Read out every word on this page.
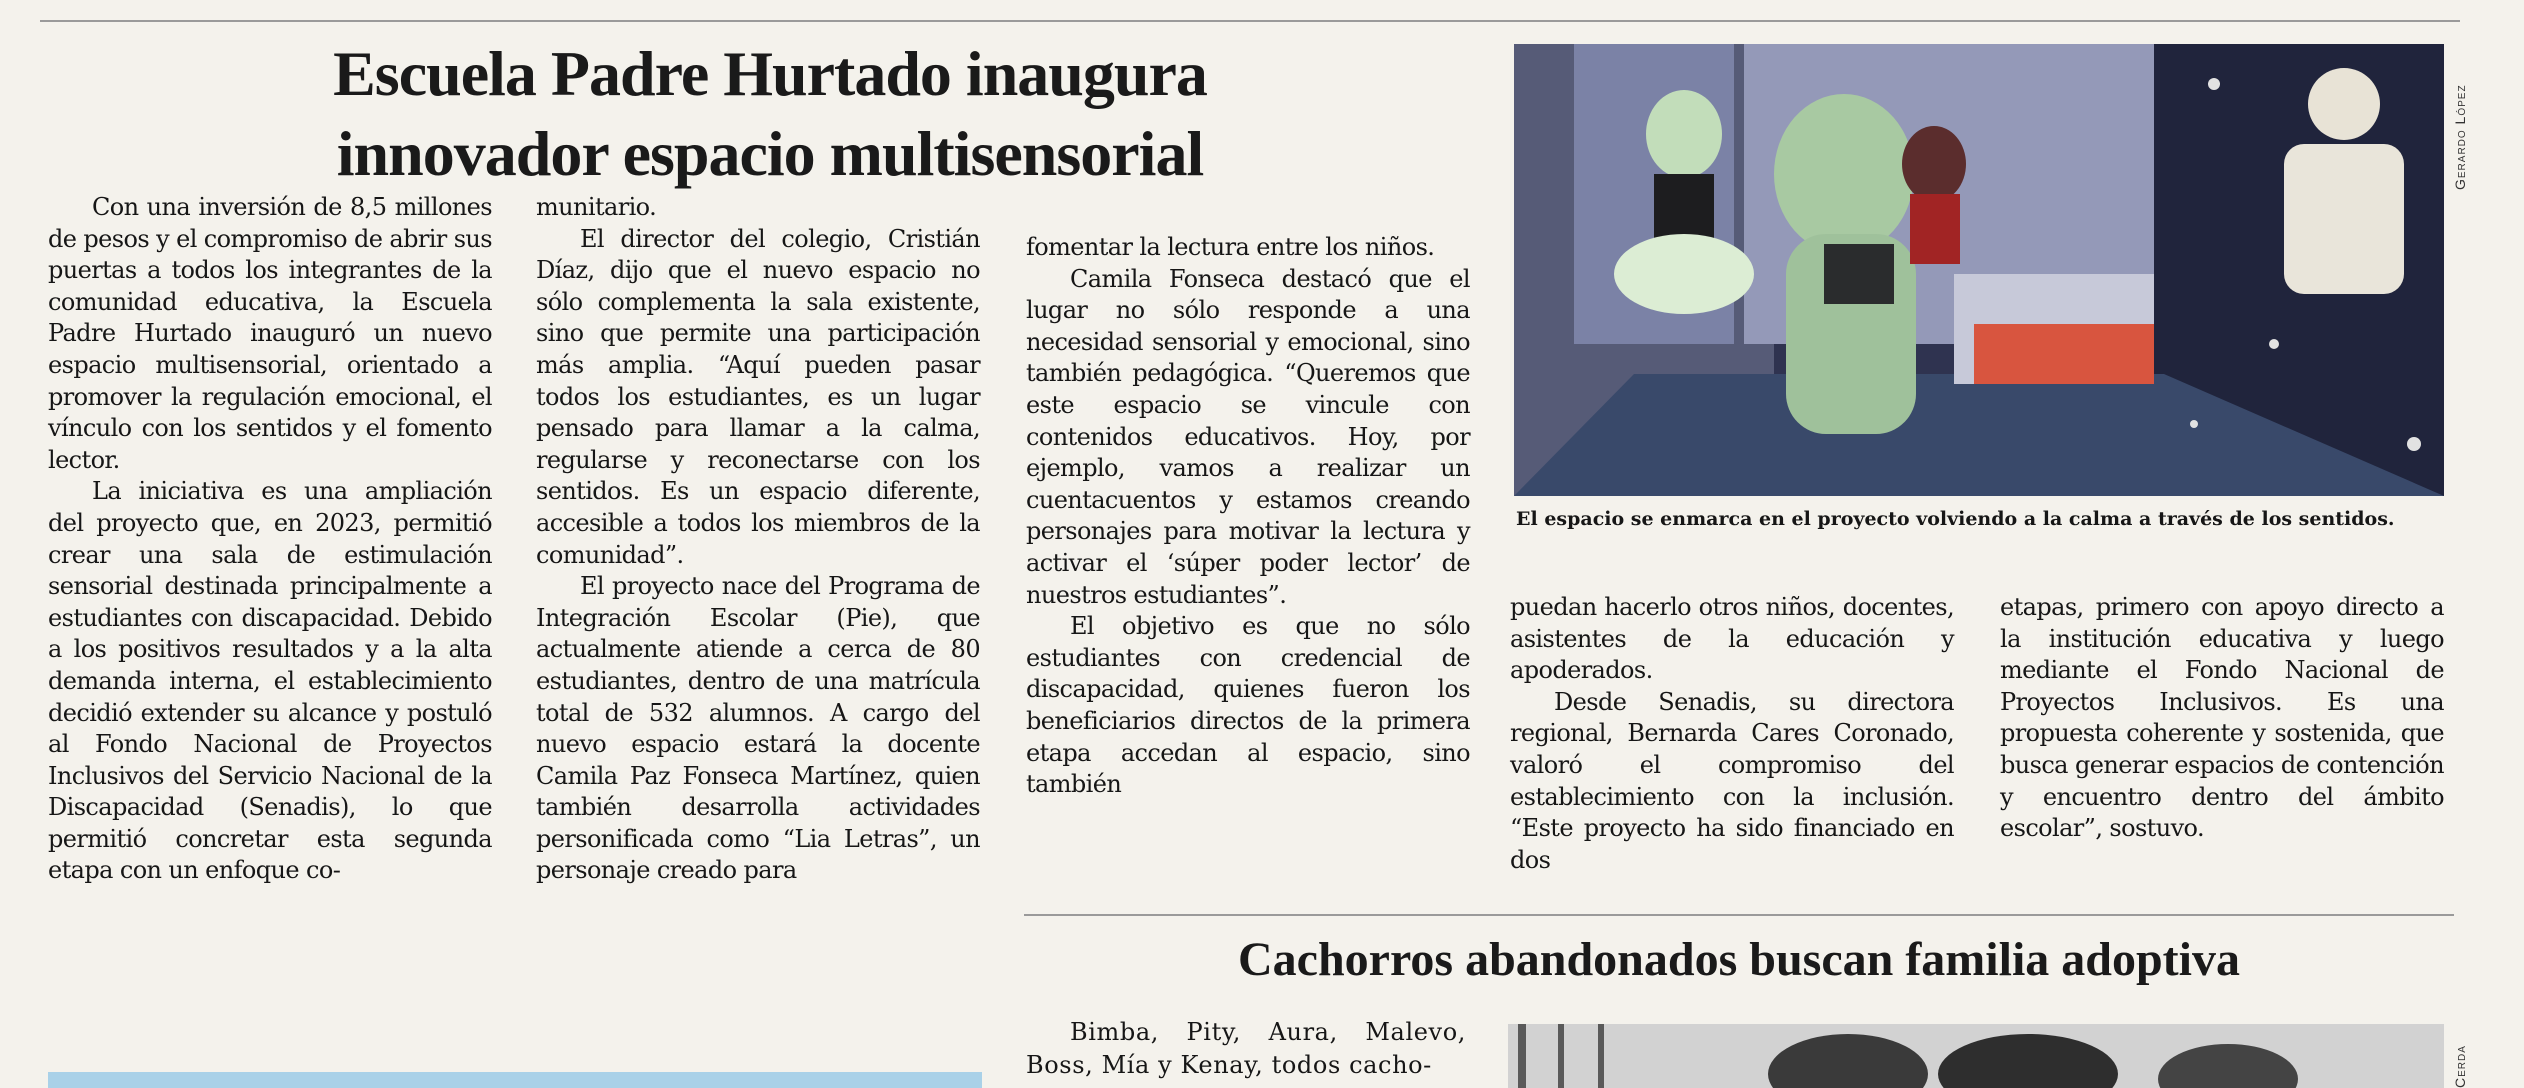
Escuela Padre Hurtado inaugura
innovador espacio multisensorial

Con una inversión de 8,5 millones de pesos y el compromiso de abrir sus puertas a todos los integrantes de la comunidad educativa, la Escuela Padre Hurtado inauguró un nuevo espacio multisensorial, orientado a promover la regulación emocional, el vínculo con los sentidos y el fomento lector.

La iniciativa es una ampliación del proyecto que, en 2023, permitió crear una sala de estimulación sensorial destinada principalmente a estudiantes con discapacidad. Debido a los positivos resultados y a la alta demanda interna, el establecimiento decidió extender su alcance y postuló al Fondo Nacional de Proyectos Inclusivos del Servicio Nacional de la Discapacidad (Senadis), lo que permitió concretar esta segunda etapa con un enfoque co-

munitario.

El director del colegio, Cristián Díaz, dijo que el nuevo espacio no sólo complementa la sala existente, sino que permite una participación más amplia. “Aquí pueden pasar todos los estudiantes, es un lugar pensado para llamar a la calma, regularse y reconectarse con los sentidos. Es un espacio diferente, accesible a todos los miembros de la comunidad”.

El proyecto nace del Programa de Integración Escolar (Pie), que actualmente atiende a cerca de 80 estudiantes, dentro de una matrícula total de 532 alumnos. A cargo del nuevo espacio estará la docente Camila Paz Fonseca Martínez, quien también desarrolla actividades personificada como “Lia Letras”, un personaje creado para

fomentar la lectura entre los niños.

Camila Fonseca destacó que el lugar no sólo responde a una necesidad sensorial y emocional, sino también pedagógica. “Queremos que este espacio se vincule con contenidos educativos. Hoy, por ejemplo, vamos a realizar un cuentacuentos y estamos creando personajes para motivar la lectura y activar el ‘súper poder lector’ de nuestros estudiantes”.

El objetivo es que no sólo estudiantes con credencial de discapacidad, quienes fueron los beneficiarios directos de la primera etapa accedan al espacio, sino también

Gerardo López

El espacio se enmarca en el proyecto volviendo a la calma a través de los sentidos.

puedan hacerlo otros niños, docentes, asistentes de la educación y apoderados.

Desde Senadis, su directora regional, Bernarda Cares Coronado, valoró el compromiso del establecimiento con la inclusión. “Este proyecto ha sido financiado en dos

etapas, primero con apoyo directo a la institución educativa y luego mediante el Fondo Nacional de Proyectos Inclusivos. Es una propuesta coherente y sostenida, que busca generar espacios de contención y encuentro dentro del ámbito escolar”, sostuvo.

Cachorros abandonados buscan familia adoptiva

Bimba, Pity, Aura, Malevo, Boss, Mía y Kenay, todos cacho-	Cerda
